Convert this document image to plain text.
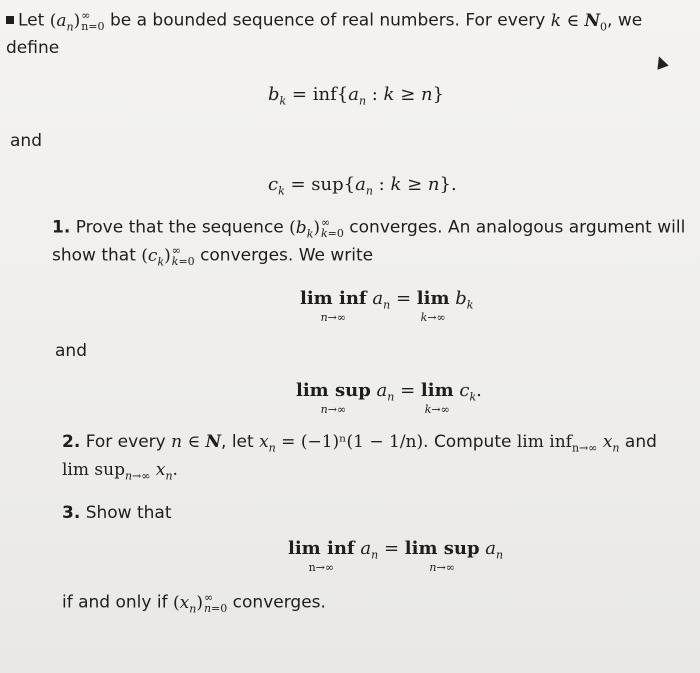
Let $(a_n)$ ∞
n=0 be a bounded sequence of real numbers. For every k ∈ $N_0$, we
define
$b_k = inf\{a_n$ : k ≥ n}
and
$c_k = sup\{a_n$ : k ≥ n}.
1. Prove that the sequence $(b_k)$ ∞
k=0 converges. An analogous argument will
show that $(c_k)$ ∞
k=0 converges. We write
lim inf
n→∞
$a_n = \lim$
k→∞
$b_k$
and
lim sup
n→∞
$a_n = \lim$
k→∞
$c_k$.
2. For every n ∈ N, let $x_n = (-1)^n(1 - 1/n)$. Compute lim inf$_{n\to\infty}$ $x_n$ and
lim sup$_{n\to\infty}$ $x_n$.
3. Show that
lim inf
n→∞
$a_n = \lim$ sup
n→∞
$a_n$
if and only if $(x_n)$ ∞
n=0 converges.
